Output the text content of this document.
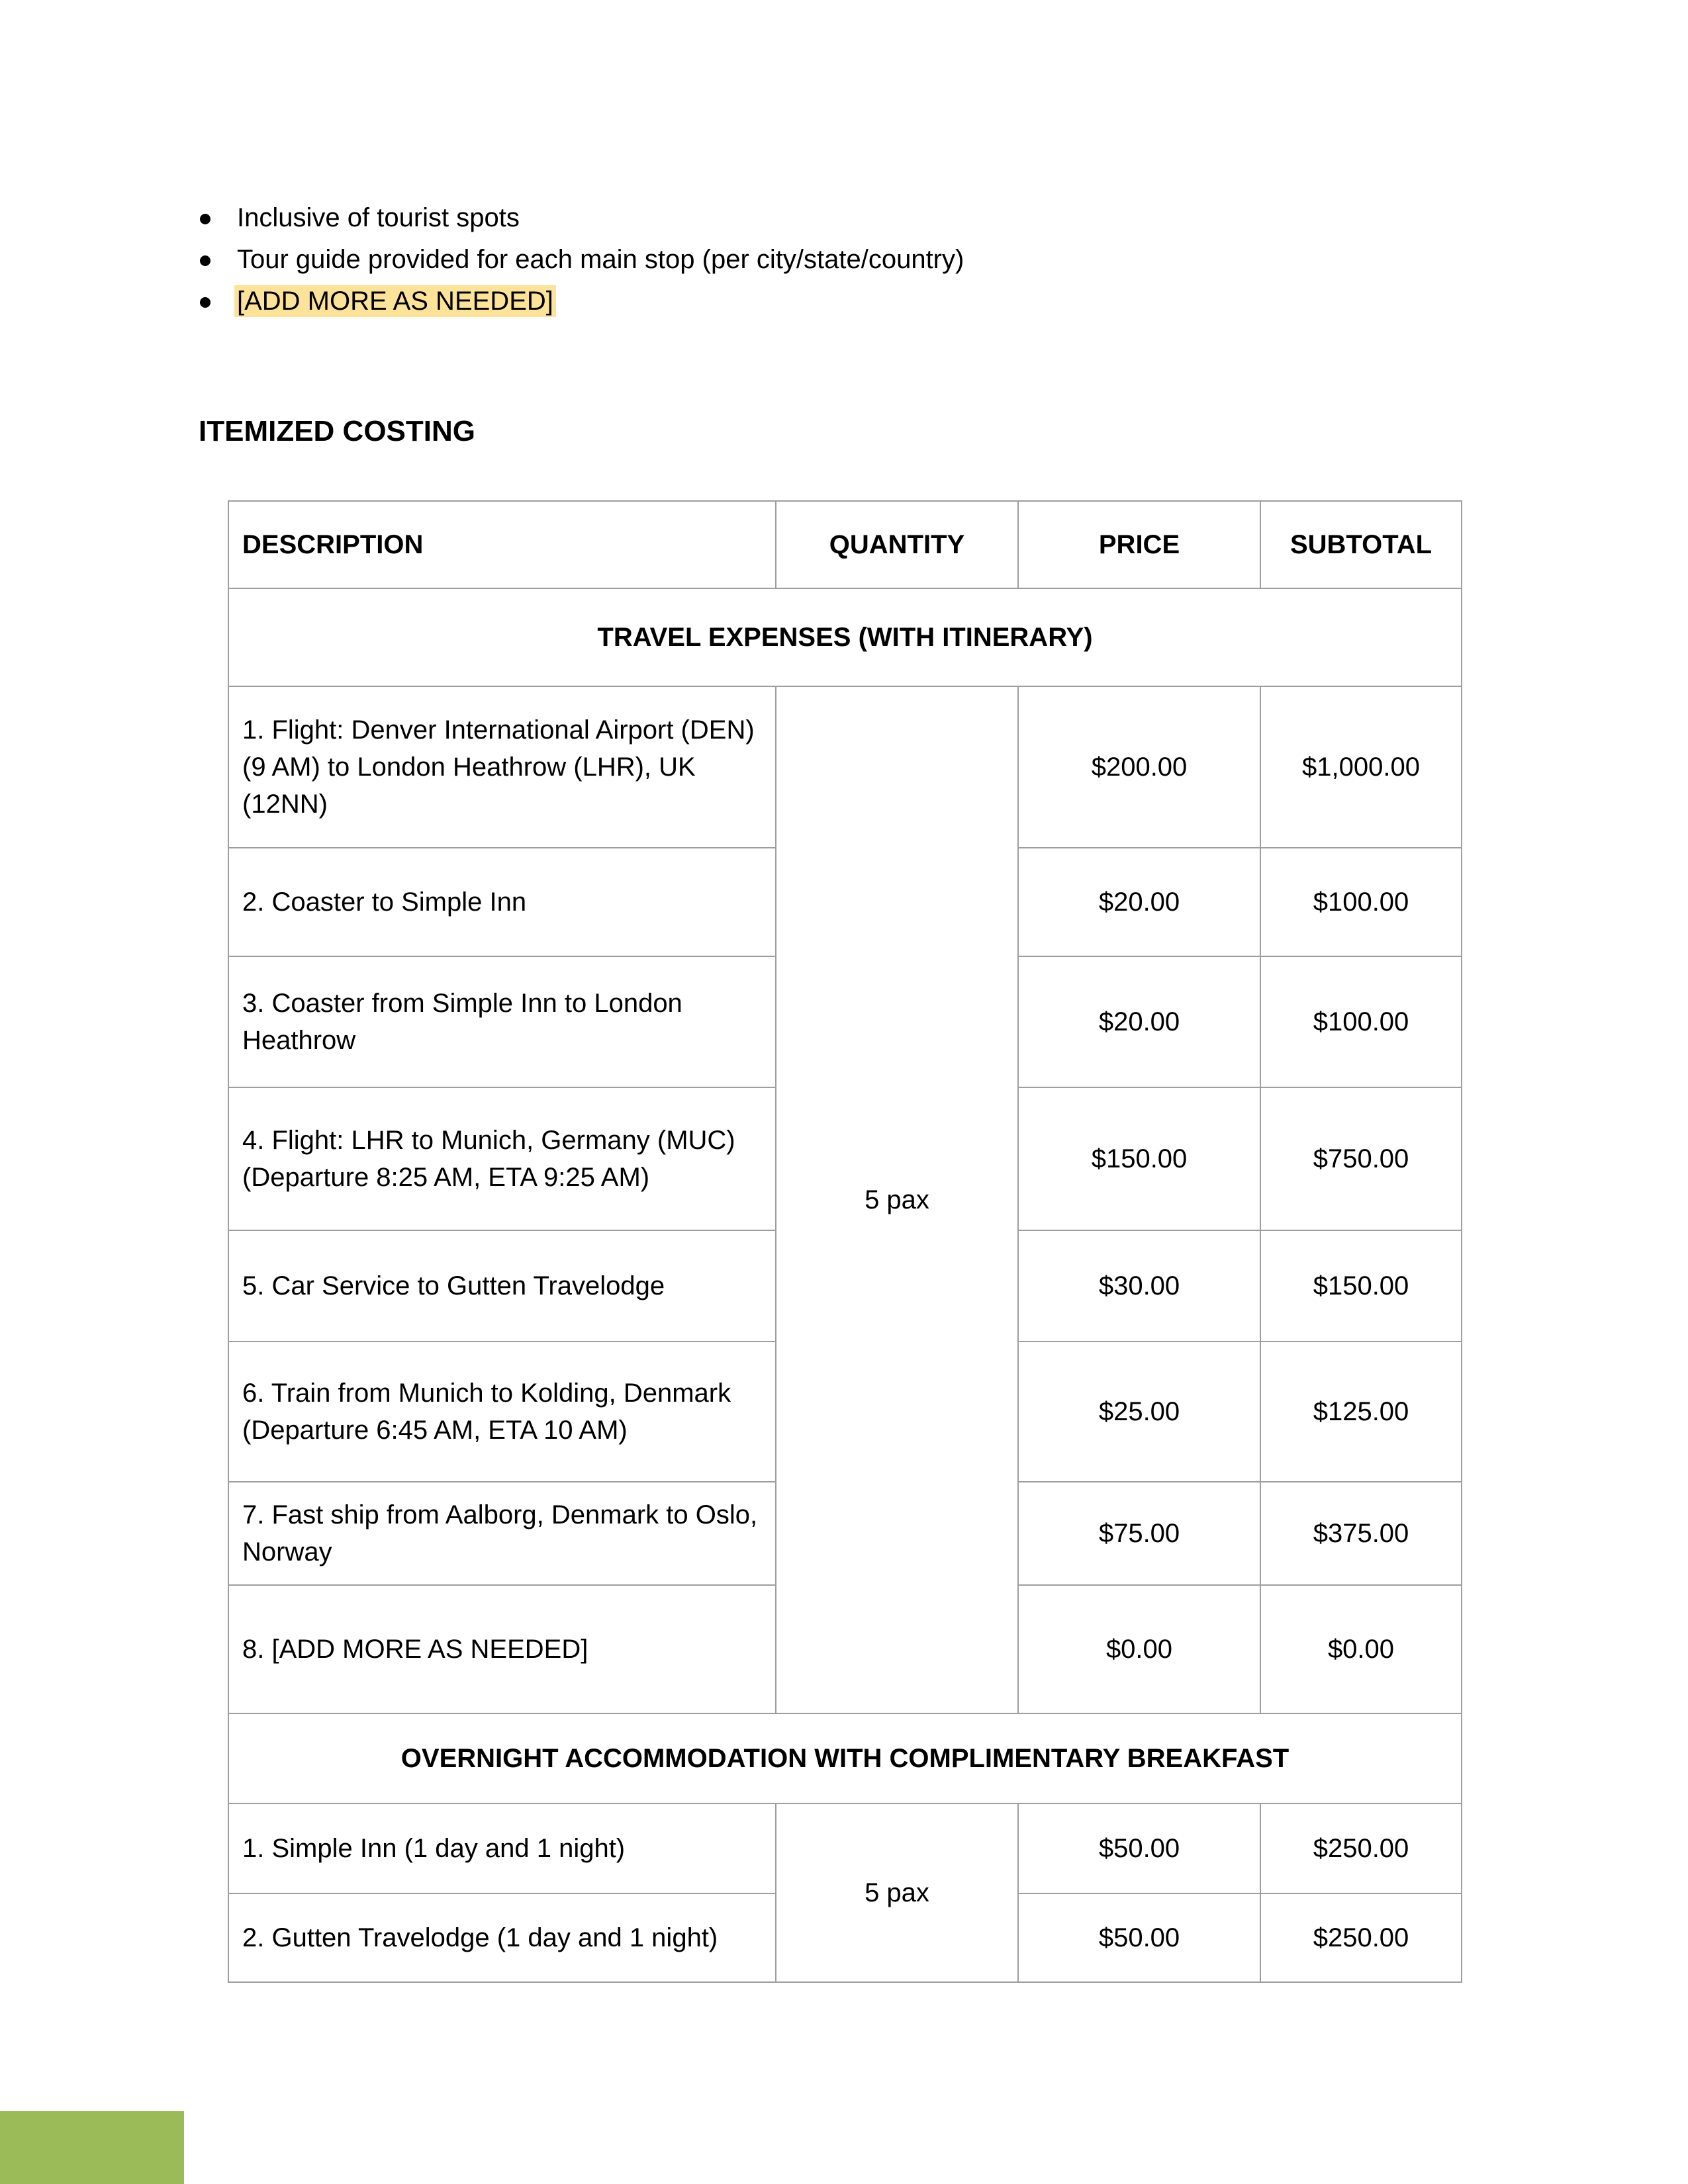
Inclusive of tourist spots
Tour guide provided for each main stop (per city/state/country)
[ADD MORE AS NEEDED]
ITEMIZED COSTING
DESCRIPTION	QUANTITY	PRICE	SUBTOTAL
TRAVEL EXPENSES (WITH ITINERARY)			
1. Flight: Denver International Airport (DEN) (9 AM) to London Heathrow (LHR), UK (12NN)	5 pax	$200.00	$1,000.00
2. Coaster to Simple Inn		$20.00	$100.00
3. Coaster from Simple Inn to London Heathrow		$20.00	$100.00
4. Flight: LHR to Munich, Germany (MUC) (Departure 8:25 AM, ETA 9:25 AM)		$150.00	$750.00
5. Car Service to Gutten Travelodge		$30.00	$150.00
6. Train from Munich to Kolding, Denmark (Departure 6:45 AM, ETA 10 AM)		$25.00	$125.00
7. Fast ship from Aalborg, Denmark to Oslo, Norway		$75.00	$375.00
8. [ADD MORE AS NEEDED]		$0.00	$0.00
OVERNIGHT ACCOMMODATION WITH COMPLIMENTARY BREAKFAST			
1. Simple Inn (1 day and 1 night)	5 pax	$50.00	$250.00
2. Gutten Travelodge (1 day and 1 night)		$50.00	$250.00
